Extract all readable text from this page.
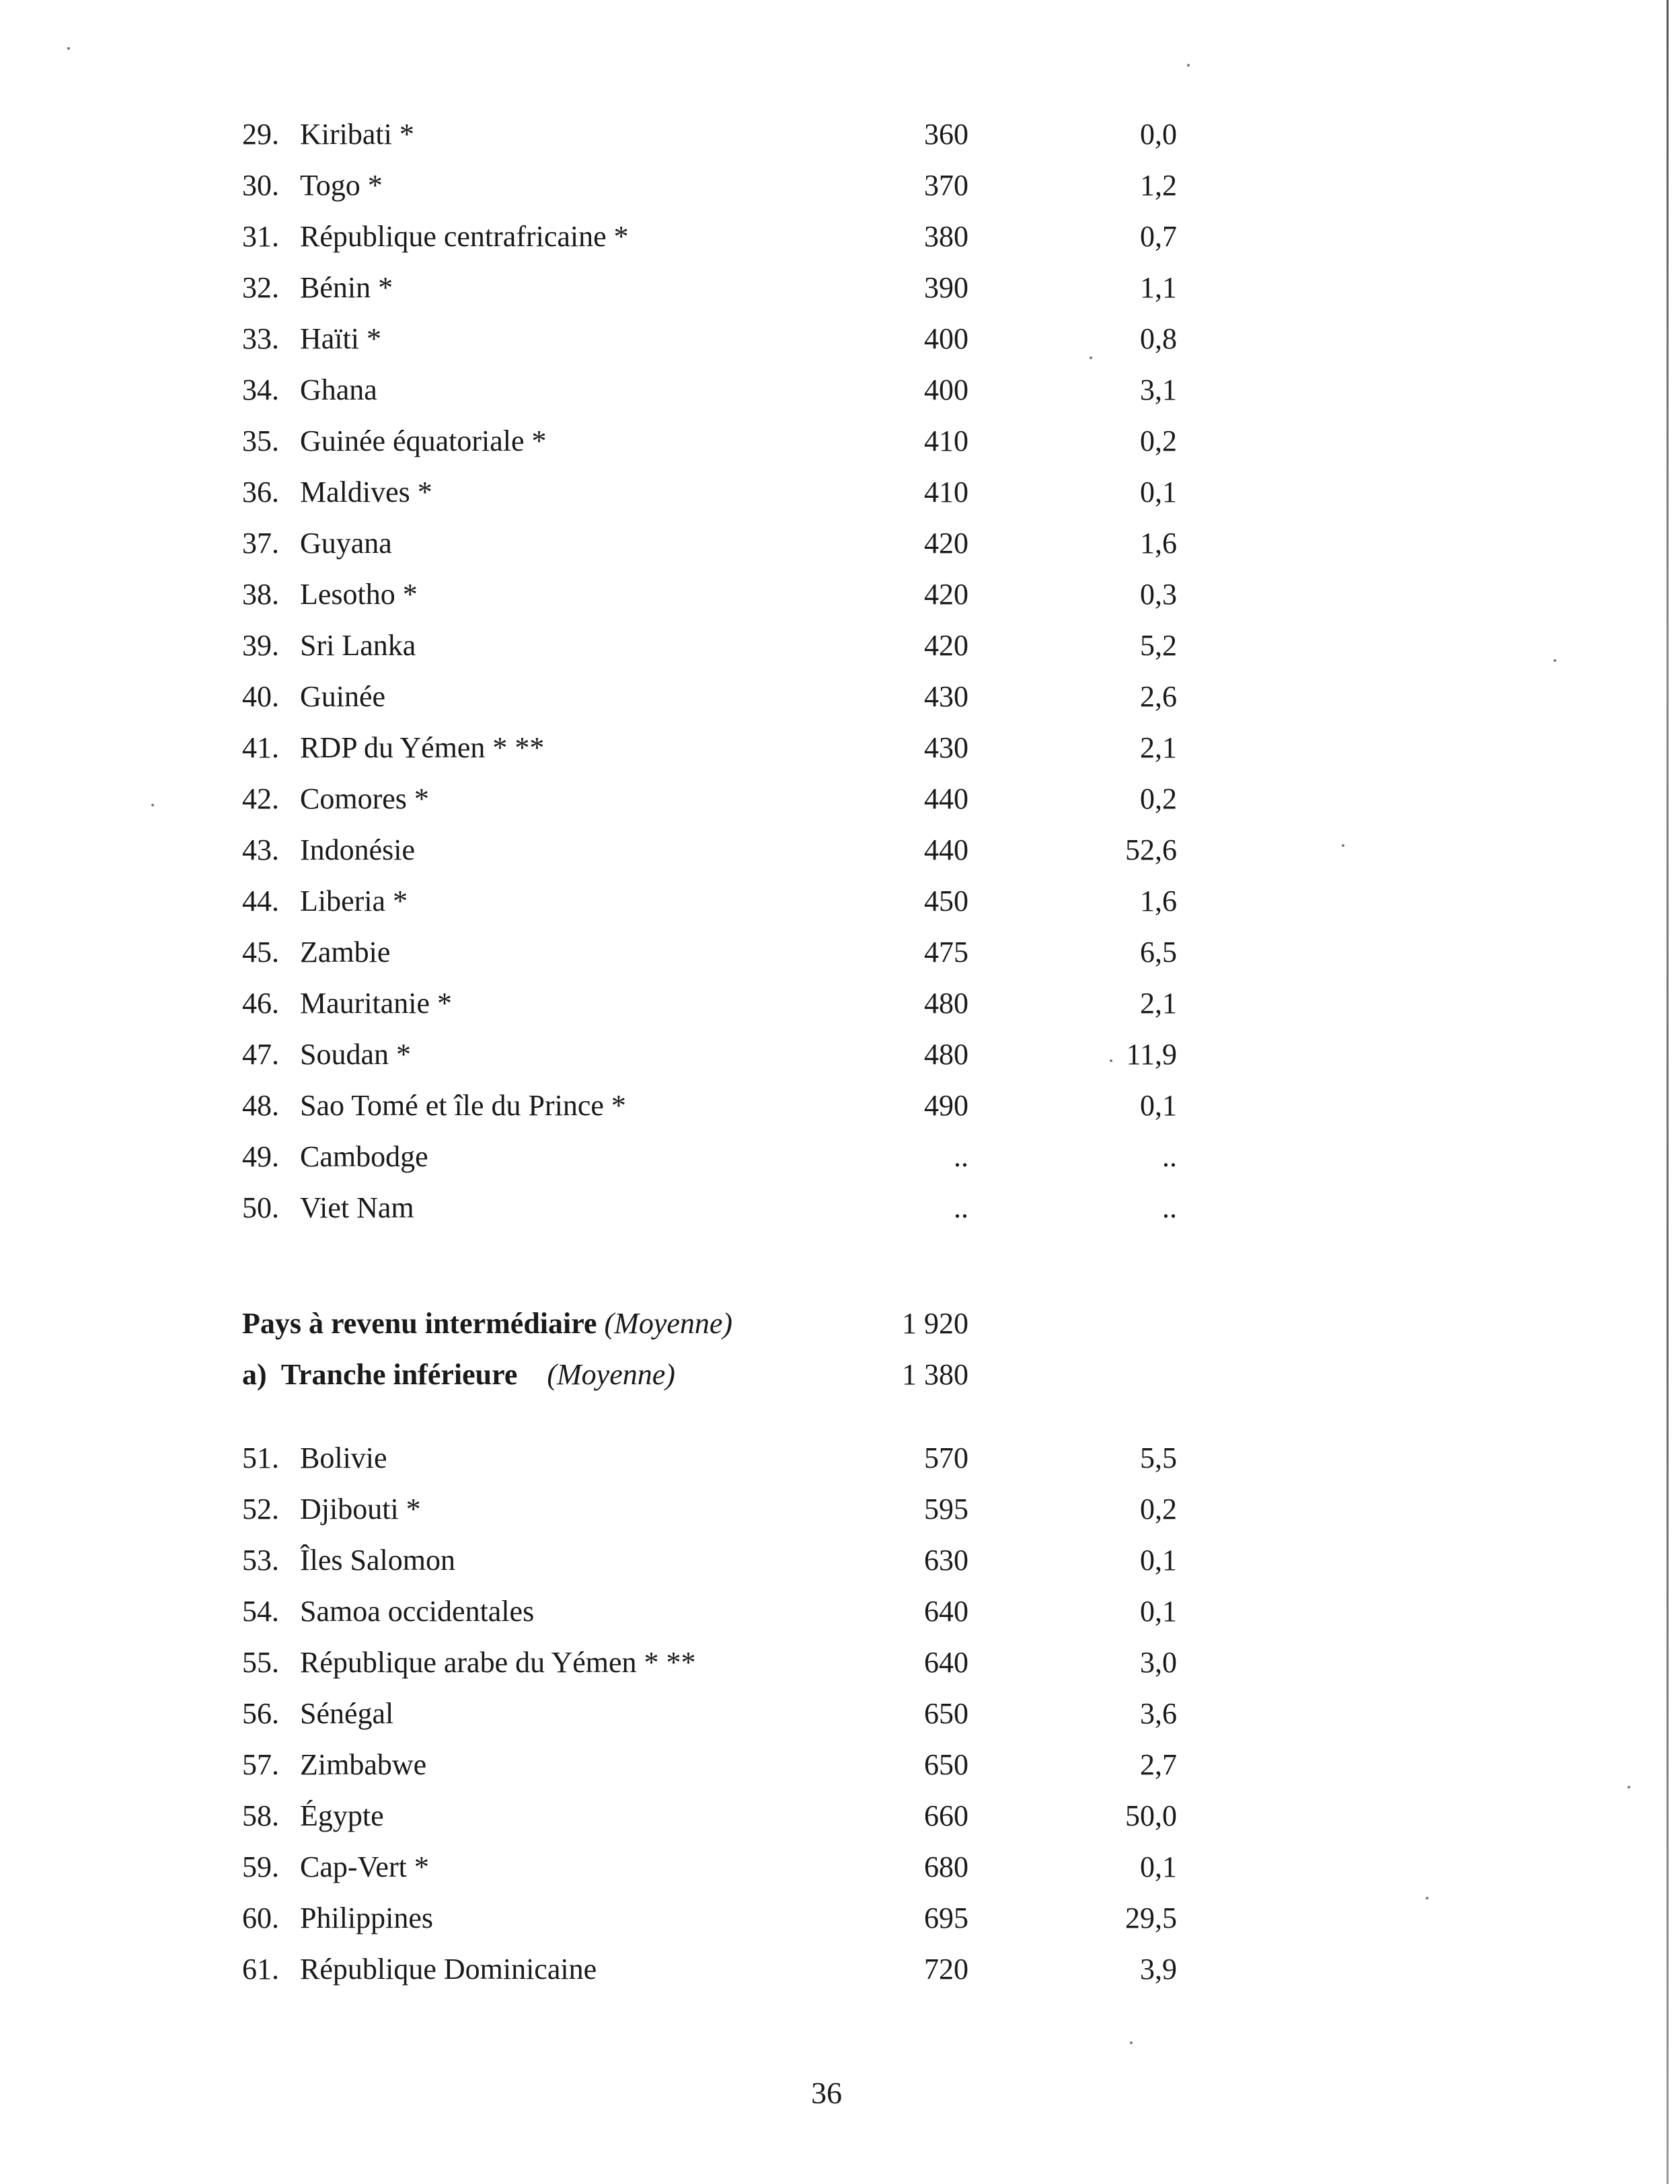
29. Kiribati *	360	0,0
30. Togo *	370	1,2
31. République centrafricaine *	380	0,7
32. Bénin *	390	1,1
33. Haïti *	400	0,8
34. Ghana	400	3,1
35. Guinée équatoriale *	410	0,2
36. Maldives *	410	0,1
37. Guyana	420	1,6
38. Lesotho *	420	0,3
39. Sri Lanka	420	5,2
40. Guinée	430	2,6
41. RDP du Yémen * **	430	2,1
42. Comores *	440	0,2
43. Indonésie	440	52,6
44. Liberia *	450	1,6
45. Zambie	475	6,5
46. Mauritanie *	480	2,1
47. Soudan *	480	11,9
48. Sao Tomé et île du Prince *	490	0,1
49. Cambodge	..	..
50. Viet Nam	..	..
Pays à revenu intermédiaire (Moyenne)	1 920
a)  Tranche inférieure (Moyenne)	1 380
51. Bolivie	570	5,5
52. Djibouti *	595	0,2
53. Îles Salomon	630	0,1
54. Samoa occidentales	640	0,1
55. République arabe du Yémen * **	640	3,0
56. Sénégal	650	3,6
57. Zimbabwe	650	2,7
58. Égypte	660	50,0
59. Cap-Vert *	680	0,1
60. Philippines	695	29,5
61. République Dominicaine	720	3,9
36
